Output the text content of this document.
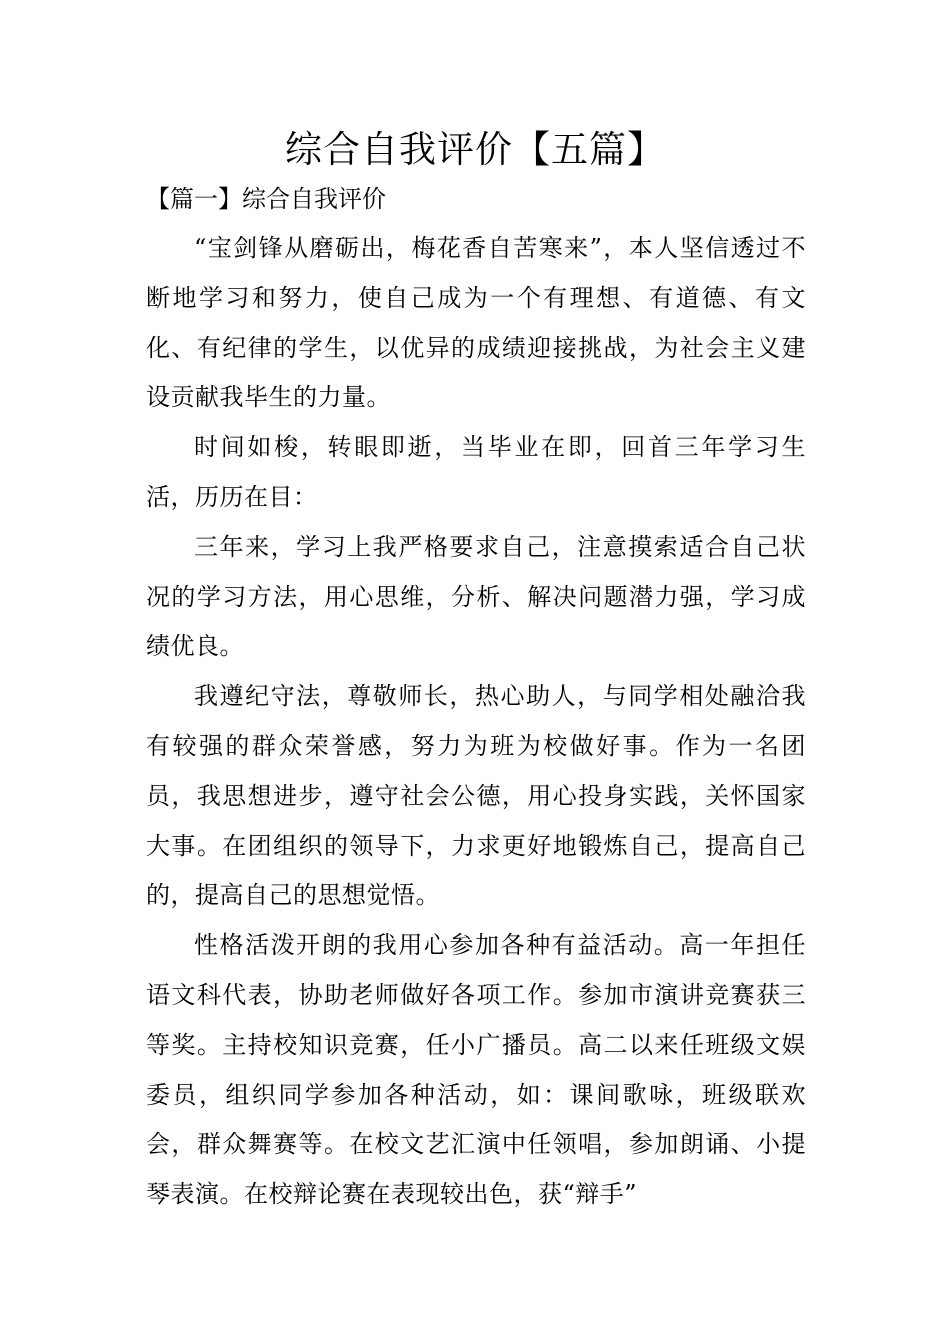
综合自我评价【五篇】
【篇一】综合自我评价

“宝剑锋从磨砺出，梅花香自苦寒来”，本人坚信透过不断地学习和努力，使自己成为一个有理想、有道德、有文化、有纪律的学生，以优异的成绩迎接挑战，为社会主义建设贡献我毕生的力量。

时间如梭，转眼即逝，当毕业在即，回首三年学习生活，历历在目：

三年来，学习上我严格要求自己，注意摸索适合自己状况的学习方法，用心思维，分析、解决问题潜力强，学习成绩优良。

我遵纪守法，尊敬师长，热心助人，与同学相处融洽我有较强的群众荣誉感，努力为班为校做好事。作为一名团员，我思想进步，遵守社会公德，用心投身实践，关怀国家大事。在团组织的领导下，力求更好地锻炼自己，提高自己的，提高自己的思想觉悟。

性格活泼开朗的我用心参加各种有益活动。高一年担任语文科代表，协助老师做好各项工作。参加市演讲竞赛获三等奖。主持校知识竞赛，任小广播员。高二以来任班级文娱委员，组织同学参加各种活动，如：课间歌咏，班级联欢会，群众舞赛等。在校文艺汇演中任领唱，参加朗诵、小提琴表演。在校辩论赛在表现较出色，获“辩手”
